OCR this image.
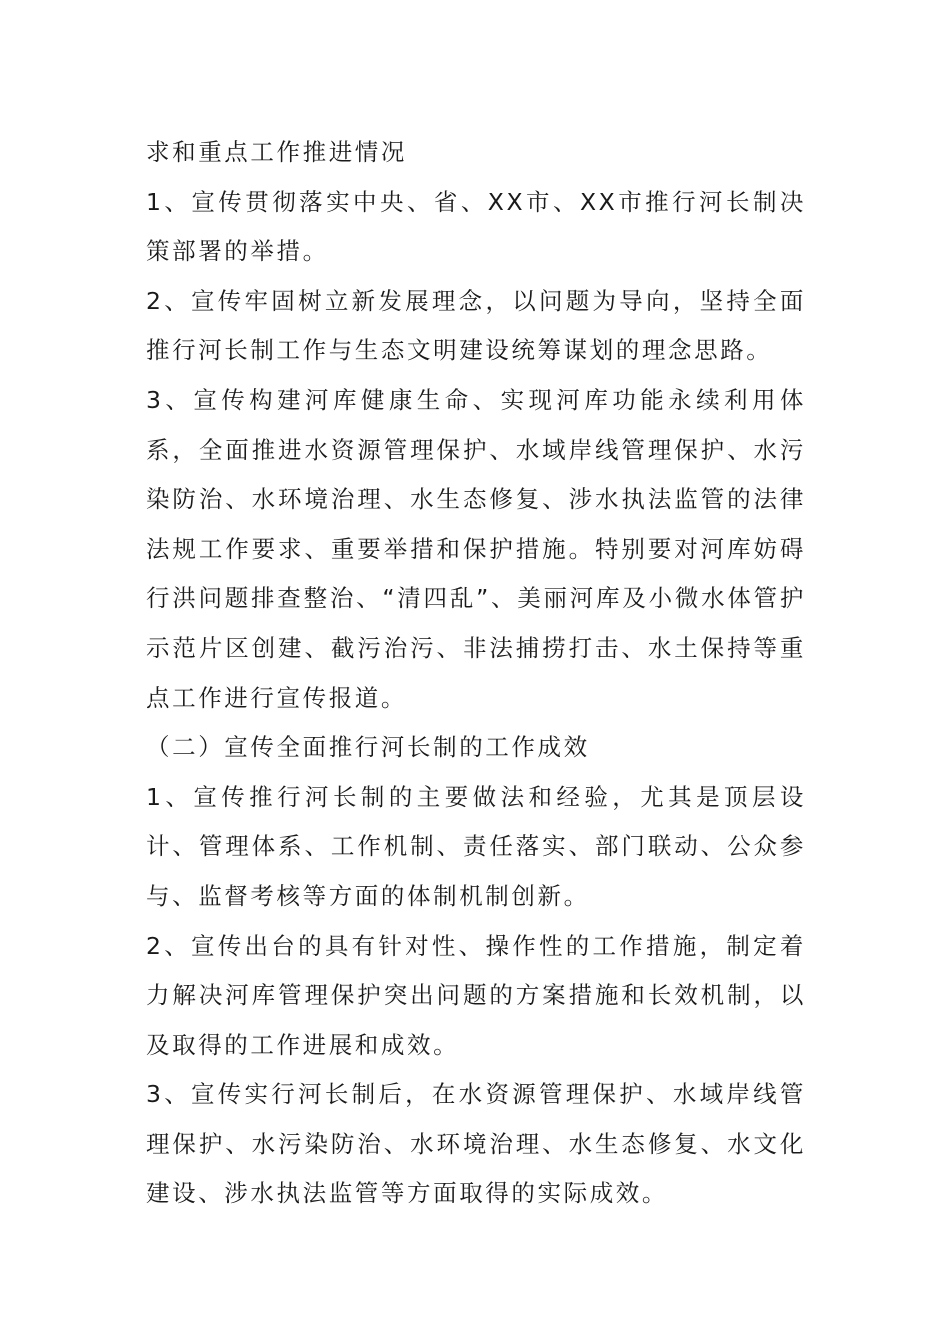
求和重点工作推进情况

1、宣传贯彻落实中央、省、XX市、XX市推行河长制决策部署的举措。

2、宣传牢固树立新发展理念，以问题为导向，坚持全面推行河长制工作与生态文明建设统筹谋划的理念思路。

3、宣传构建河库健康生命、实现河库功能永续利用体系，全面推进水资源管理保护、水域岸线管理保护、水污染防治、水环境治理、水生态修复、涉水执法监管的法律法规工作要求、重要举措和保护措施。特别要对河库妨碍行洪问题排查整治、“清四乱”、美丽河库及小微水体管护示范片区创建、截污治污、非法捕捞打击、水土保持等重点工作进行宣传报道。

（二）宣传全面推行河长制的工作成效

1、宣传推行河长制的主要做法和经验，尤其是顶层设计、管理体系、工作机制、责任落实、部门联动、公众参与、监督考核等方面的体制机制创新。

2、宣传出台的具有针对性、操作性的工作措施，制定着力解决河库管理保护突出问题的方案措施和长效机制，以及取得的工作进展和成效。

3、宣传实行河长制后，在水资源管理保护、水域岸线管理保护、水污染防治、水环境治理、水生态修复、水文化建设、涉水执法监管等方面取得的实际成效。
